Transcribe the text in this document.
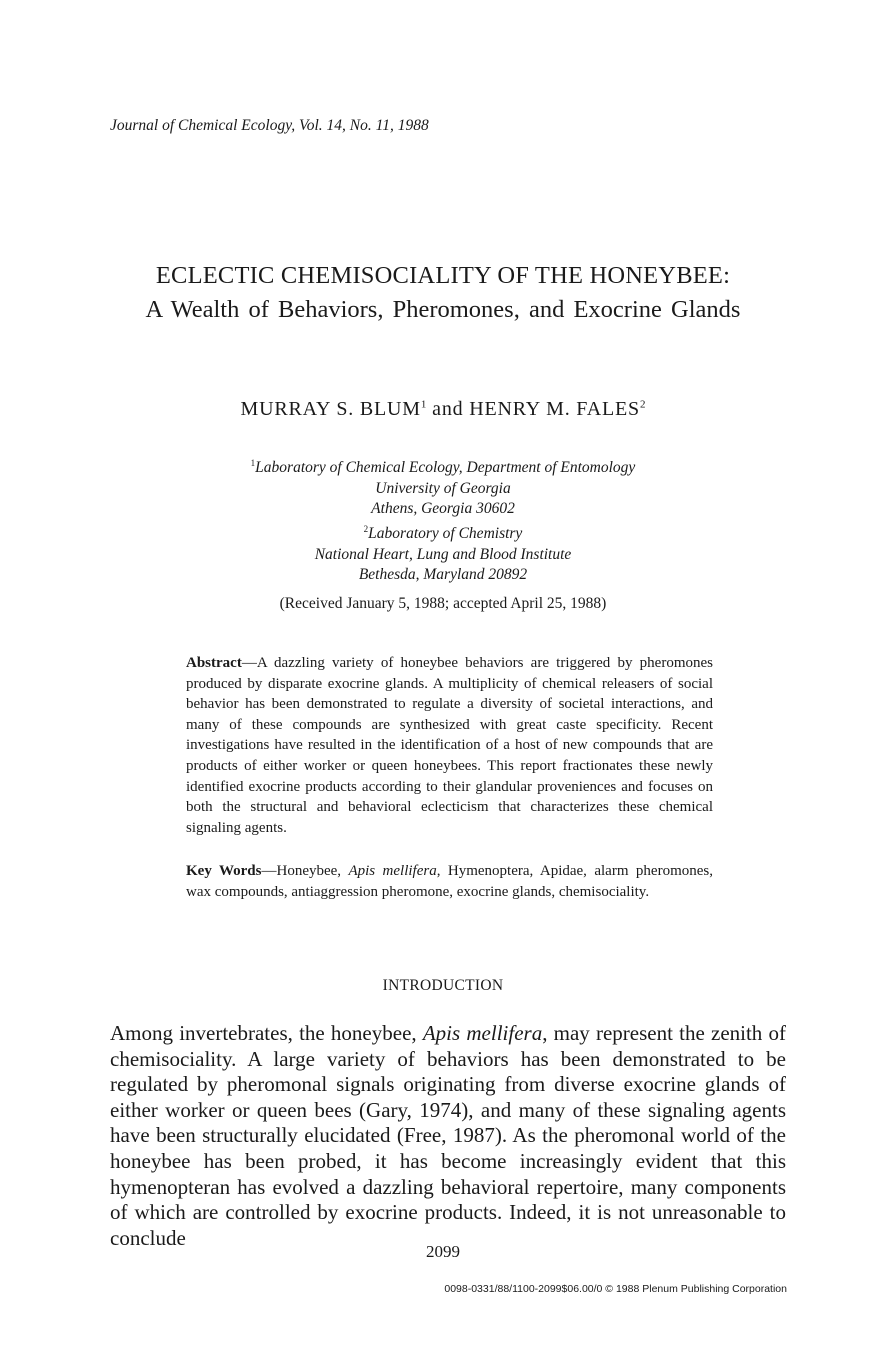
Journal of Chemical Ecology, Vol. 14, No. 11, 1988
ECLECTIC CHEMISOCIALITY OF THE HONEYBEE:
A Wealth of Behaviors, Pheromones, and Exocrine Glands
MURRAY S. BLUM$^1$ and HENRY M. FALES$^2$
$^1$Laboratory of Chemical Ecology, Department of Entomology
University of Georgia
Athens, Georgia 30602
$^2$Laboratory of Chemistry
National Heart, Lung and Blood Institute
Bethesda, Maryland 20892
(Received January 5, 1988; accepted April 25, 1988)
Abstract—A dazzling variety of honeybee behaviors are triggered by pheromones produced by disparate exocrine glands. A multiplicity of chemical releasers of social behavior has been demonstrated to regulate a diversity of societal interactions, and many of these compounds are synthesized with great caste specificity. Recent investigations have resulted in the identification of a host of new compounds that are products of either worker or queen honeybees. This report fractionates these newly identified exocrine products according to their glandular proveniences and focuses on both the structural and behavioral eclecticism that characterizes these chemical signaling agents.
Key Words—Honeybee, Apis mellifera, Hymenoptera, Apidae, alarm pheromones, wax compounds, antiaggression pheromone, exocrine glands, chemisociality.
INTRODUCTION
Among invertebrates, the honeybee, Apis mellifera, may represent the zenith of chemisociality. A large variety of behaviors has been demonstrated to be regulated by pheromonal signals originating from diverse exocrine glands of either worker or queen bees (Gary, 1974), and many of these signaling agents have been structurally elucidated (Free, 1987). As the pheromonal world of the honeybee has been probed, it has become increasingly evident that this hymenopteran has evolved a dazzling behavioral repertoire, many components of which are controlled by exocrine products. Indeed, it is not unreasonable to conclude
2099
0098-0331/88/1100-2099$06.00/0 © 1988 Plenum Publishing Corporation
